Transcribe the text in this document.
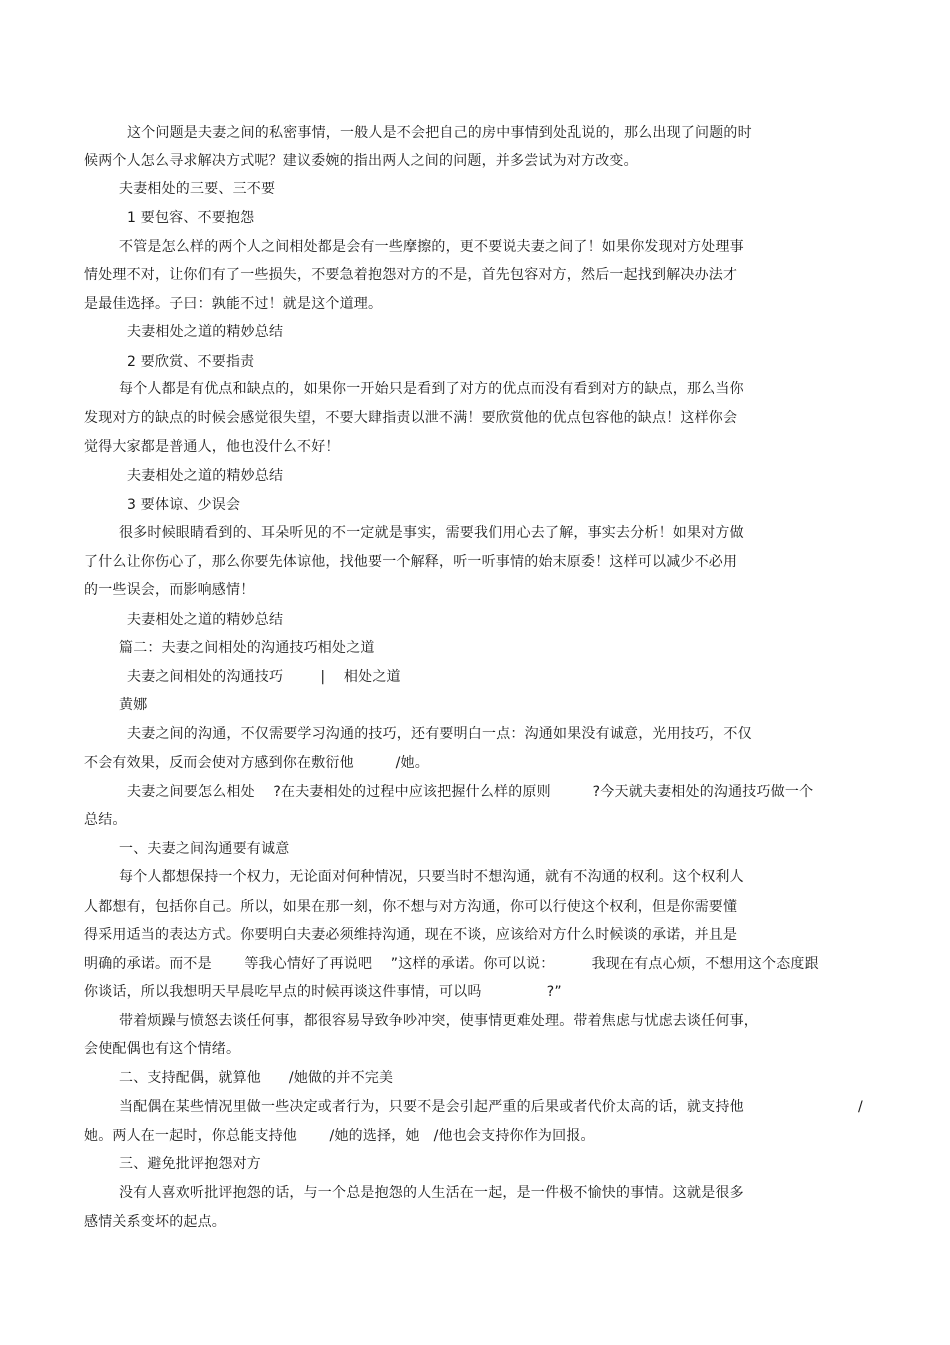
这个问题是夫妻之间的私密事情，一般人是不会把自己的房中事情到处乱说的，那么出现了问题的时
候两个人怎么寻求解决方式呢？建议委婉的指出两人之间的问题，并多尝试为对方改变。
夫妻相处的三要、三不要
1 要包容、不要抱怨
不管是怎么样的两个人之间相处都是会有一些摩擦的，更不要说夫妻之间了！如果你发现对方处理事
情处理不对，让你们有了一些损失，不要急着抱怨对方的不是，首先包容对方，然后一起找到解决办法才
是最佳选择。子曰：孰能不过！就是这个道理。
夫妻相处之道的精妙总结
2 要欣赏、不要指责
每个人都是有优点和缺点的，如果你一开始只是看到了对方的优点而没有看到对方的缺点，那么当你
发现对方的缺点的时候会感觉很失望，不要大肆指责以泄不满！要欣赏他的优点包容他的缺点！这样你会
觉得大家都是普通人，他也没什么不好！
夫妻相处之道的精妙总结
3 要体谅、少误会
很多时候眼睛看到的、耳朵听见的不一定就是事实，需要我们用心去了解，事实去分析！如果对方做
了什么让你伤心了，那么你要先体谅他，找他要一个解释，听一听事情的始末原委！这样可以减少不必用
的一些误会，而影响感情！
夫妻相处之道的精妙总结
篇二：夫妻之间相处的沟通技巧相处之道
夫妻之间相处的沟通技巧        |    相处之道
黄娜
夫妻之间的沟通，不仅需要学习沟通的技巧，还有要明白一点：沟通如果没有诚意，光用技巧，不仅
不会有效果，反而会使对方感到你在敷衍他         /她。
夫妻之间要怎么相处    ?在夫妻相处的过程中应该把握什么样的原则         ?今天就夫妻相处的沟通技巧做一个
总结。
一、夫妻之间沟通要有诚意
每个人都想保持一个权力，无论面对何种情况，只要当时不想沟通，就有不沟通的权利。这个权利人
人都想有，包括你自己。所以，如果在那一刻，你不想与对方沟通，你可以行使这个权利，但是你需要懂
得采用适当的表达方式。你要明白夫妻必须维持沟通，现在不谈，应该给对方什么时候谈的承诺，并且是
明确的承诺。而不是       等我心情好了再说吧    ”这样的承诺。你可以说：        我现在有点心烦，不想用这个态度跟
你谈话，所以我想明天早晨吃早点的时候再谈这件事情，可以吗              ?”
带着烦躁与愤怒去谈任何事，都很容易导致争吵冲突，使事情更难处理。带着焦虑与忧虑去谈任何事，
会使配偶也有这个情绪。
二、支持配偶，就算他      /她做的并不完美
当配偶在某些情况里做一些决定或者行为，只要不是会引起严重的后果或者代价太高的话，就支持他	/
她。两人在一起时，你总能支持他       /她的选择，她   /他也会支持你作为回报。
三、避免批评抱怨对方
没有人喜欢听批评抱怨的话，与一个总是抱怨的人生活在一起，是一件极不愉快的事情。这就是很多
感情关系变坏的起点。
